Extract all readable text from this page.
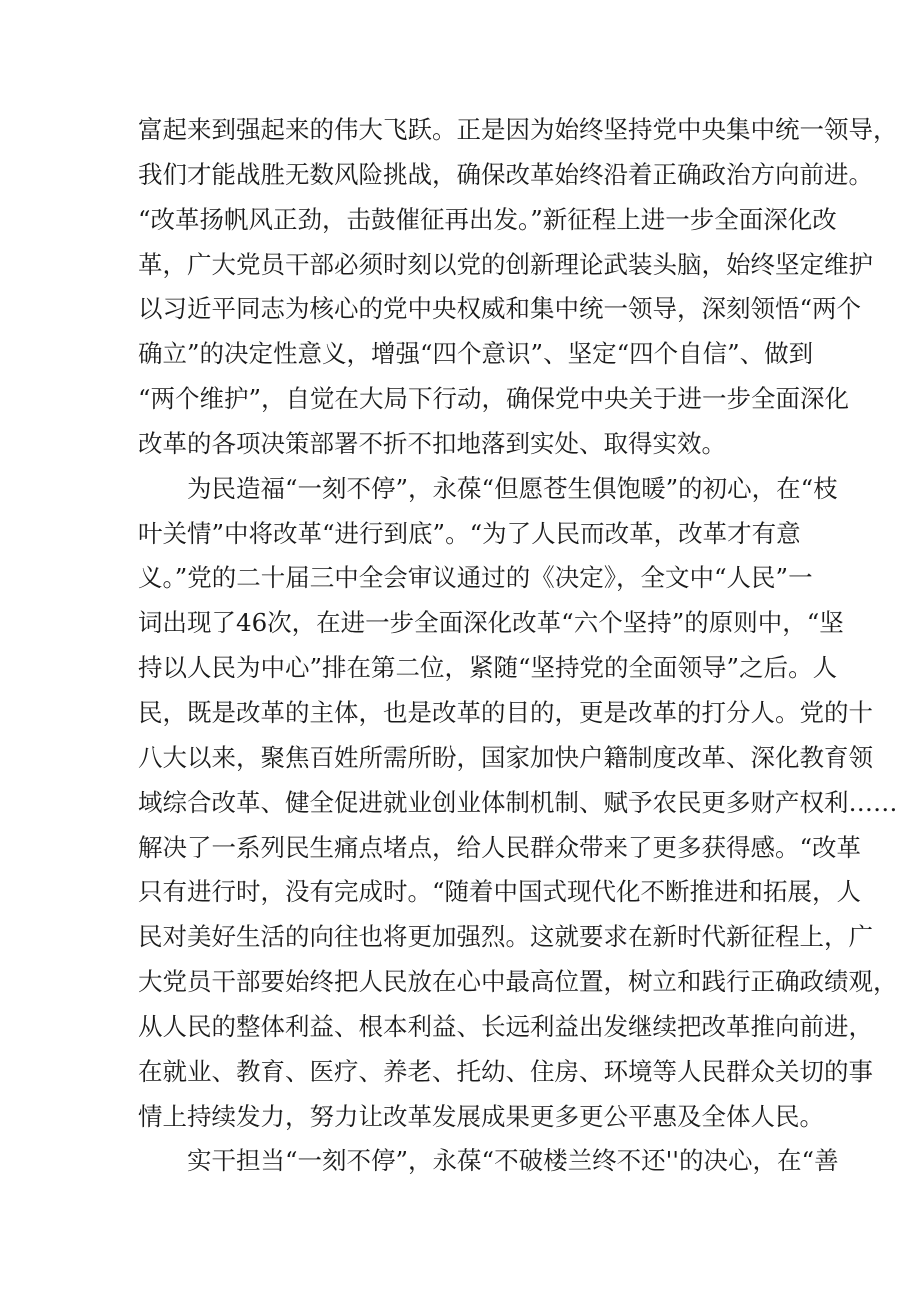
富起来到强起来的伟大飞跃。正是因为始终坚持党中央集中统一领导，
我们才能战胜无数风险挑战，确保改革始终沿着正确政治方向前进。
“改革扬帆风正劲，击鼓催征再出发。”新征程上进一步全面深化改
革，广大党员干部必须时刻以党的创新理论武装头脑，始终坚定维护
以习近平同志为核心的党中央权威和集中统一领导，深刻领悟“两个
确立”的决定性意义，增强“四个意识”、坚定“四个自信”、做到
“两个维护”，自觉在大局下行动，确保党中央关于进一步全面深化
改革的各项决策部署不折不扣地落到实处、取得实效。
为民造福“一刻不停”，永葆“但愿苍生俱饱暖”的初心，在“枝
叶关情”中将改革“进行到底”。“为了人民而改革，改革才有意
义。”党的二十届三中全会审议通过的《决定》，全文中“人民”一
词出现了46次，在进一步全面深化改革“六个坚持”的原则中，“坚
持以人民为中心”排在第二位，紧随“坚持党的全面领导”之后。人
民，既是改革的主体，也是改革的目的，更是改革的打分人。党的十
八大以来，聚焦百姓所需所盼，国家加快户籍制度改革、深化教育领
域综合改革、健全促进就业创业体制机制、赋予农民更多财产权利……
解决了一系列民生痛点堵点，给人民群众带来了更多获得感。“改革
只有进行时，没有完成时。“随着中国式现代化不断推进和拓展，人
民对美好生活的向往也将更加强烈。这就要求在新时代新征程上，广
大党员干部要始终把人民放在心中最高位置，树立和践行正确政绩观，
从人民的整体利益、根本利益、长远利益出发继续把改革推向前进，
在就业、教育、医疗、养老、托幼、住房、环境等人民群众关切的事
情上持续发力，努力让改革发展成果更多更公平惠及全体人民。
实干担当“一刻不停”，永葆“不破楼兰终不还''的决心，在“善
